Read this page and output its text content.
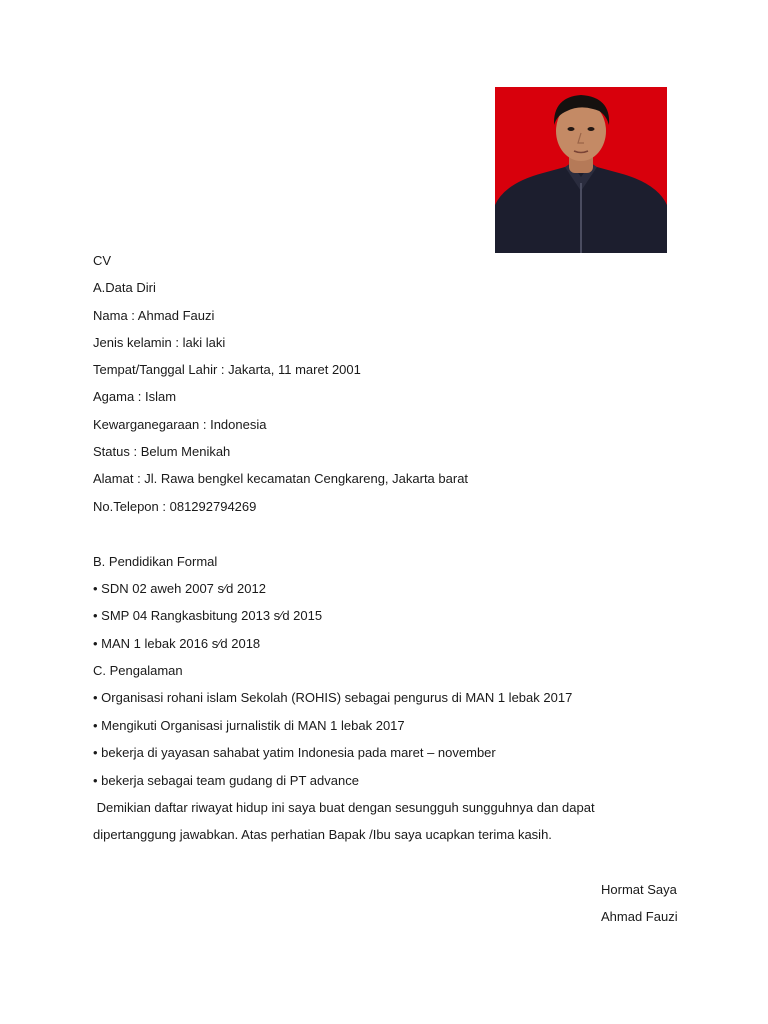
CV
A.Data Diri
Nama : Ahmad Fauzi
Jenis kelamin : laki laki
Tempat/Tanggal Lahir : Jakarta, 11 maret 2001
Agama : Islam
Kewarganegaraan : Indonesia
Status : Belum Menikah
Alamat : Jl. Rawa bengkel kecamatan Cengkareng, Jakarta barat
No.Telepon : 081292794269
B. Pendidikan Formal
• SDN 02 aweh 2007 s⁄d 2012
• SMP 04 Rangkasbitung 2013 s⁄d 2015
• MAN 1 lebak 2016 s⁄d 2018
C. Pengalaman
• Organisasi rohani islam Sekolah (ROHIS) sebagai pengurus di MAN 1 lebak 2017
• Mengikuti Organisasi jurnalistik di MAN 1 lebak 2017
• bekerja di yayasan sahabat yatim Indonesia pada maret – november
• bekerja sebagai team gudang di PT advance
Demikian daftar riwayat hidup ini saya buat dengan sesungguh sungguhnya dan dapat
dipertanggung jawabkan. Atas perhatian Bapak /Ibu saya ucapkan terima kasih.
Hormat Saya
Ahmad Fauzi
